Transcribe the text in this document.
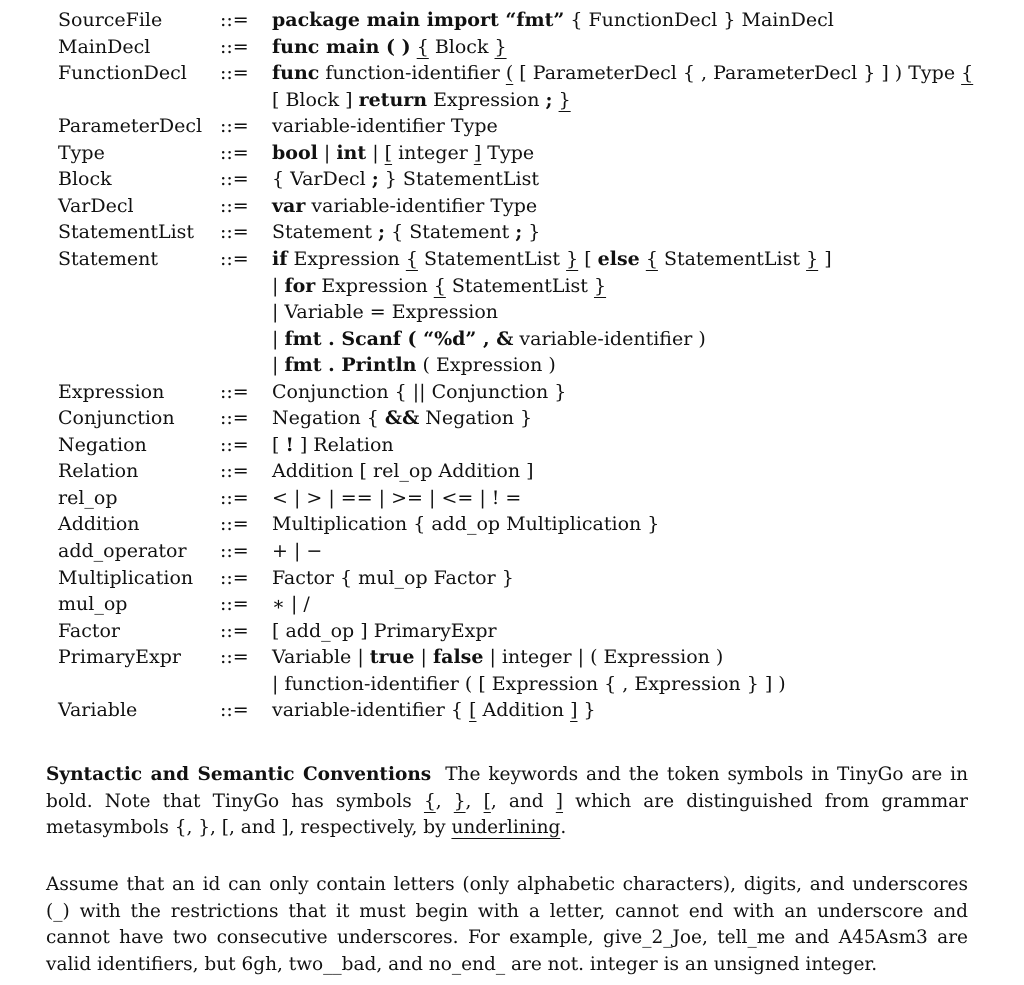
SourceFile	::= package main import “fmt” { FunctionDecl } MainDecl
MainDecl	::= func main ( ) { Block }
FunctionDecl ::= func function-identifier ( [ ParameterDecl { , ParameterDecl } ] ) Type {
[ Block ] return Expression ; }
ParameterDecl ::= variable-identifier Type
Type	::= bool | int | [ integer ] Type
Block	::= { VarDecl ; } StatementList
VarDecl	::= var variable-identifier Type
StatementList ::= Statement ; { Statement ; }
Statement	::= if Expression { StatementList } [ else { StatementList } ]
| for Expression { StatementList }
| Variable = Expression
| fmt . Scanf ( “%d” , & variable-identifier )
| fmt . Println ( Expression )
Expression	::= Conjunction { || Conjunction }
Conjunction ::= Negation { && Negation }
Negation	::= [ ! ] Relation
Relation	::= Addition [ rel_op Addition ]
rel_op	::= < | > | == | >= | <= | ! =
Addition	::= Multiplication { add_op Multiplication }
add_operator ::= + | −
Multiplication ::= Factor { mul_op Factor }
mul_op	::= ∗ | /
Factor	::= [ add_op ] PrimaryExpr
PrimaryExpr ::= Variable | true | false | integer | ( Expression )
| function-identifier ( [ Expression { , Expression } ] )
Variable	::= variable-identifier { [ Addition ] }
Syntactic and Semantic Conventions The keywords and the token symbols in TinyGo are in bold. Note that TinyGo has symbols {, }, [, and ] which are distinguished from grammar metasymbols {, }, [, and ], respectively, by underlining.
Assume that an id can only contain letters (only alphabetic characters), digits, and underscores (_) with the restrictions that it must begin with a letter, cannot end with an underscore and cannot have two consecutive underscores. For example, give_2_Joe, tell_me and A45Asm3 are valid identifiers, but 6gh, two__bad, and no_end_ are not. integer is an unsigned integer.
